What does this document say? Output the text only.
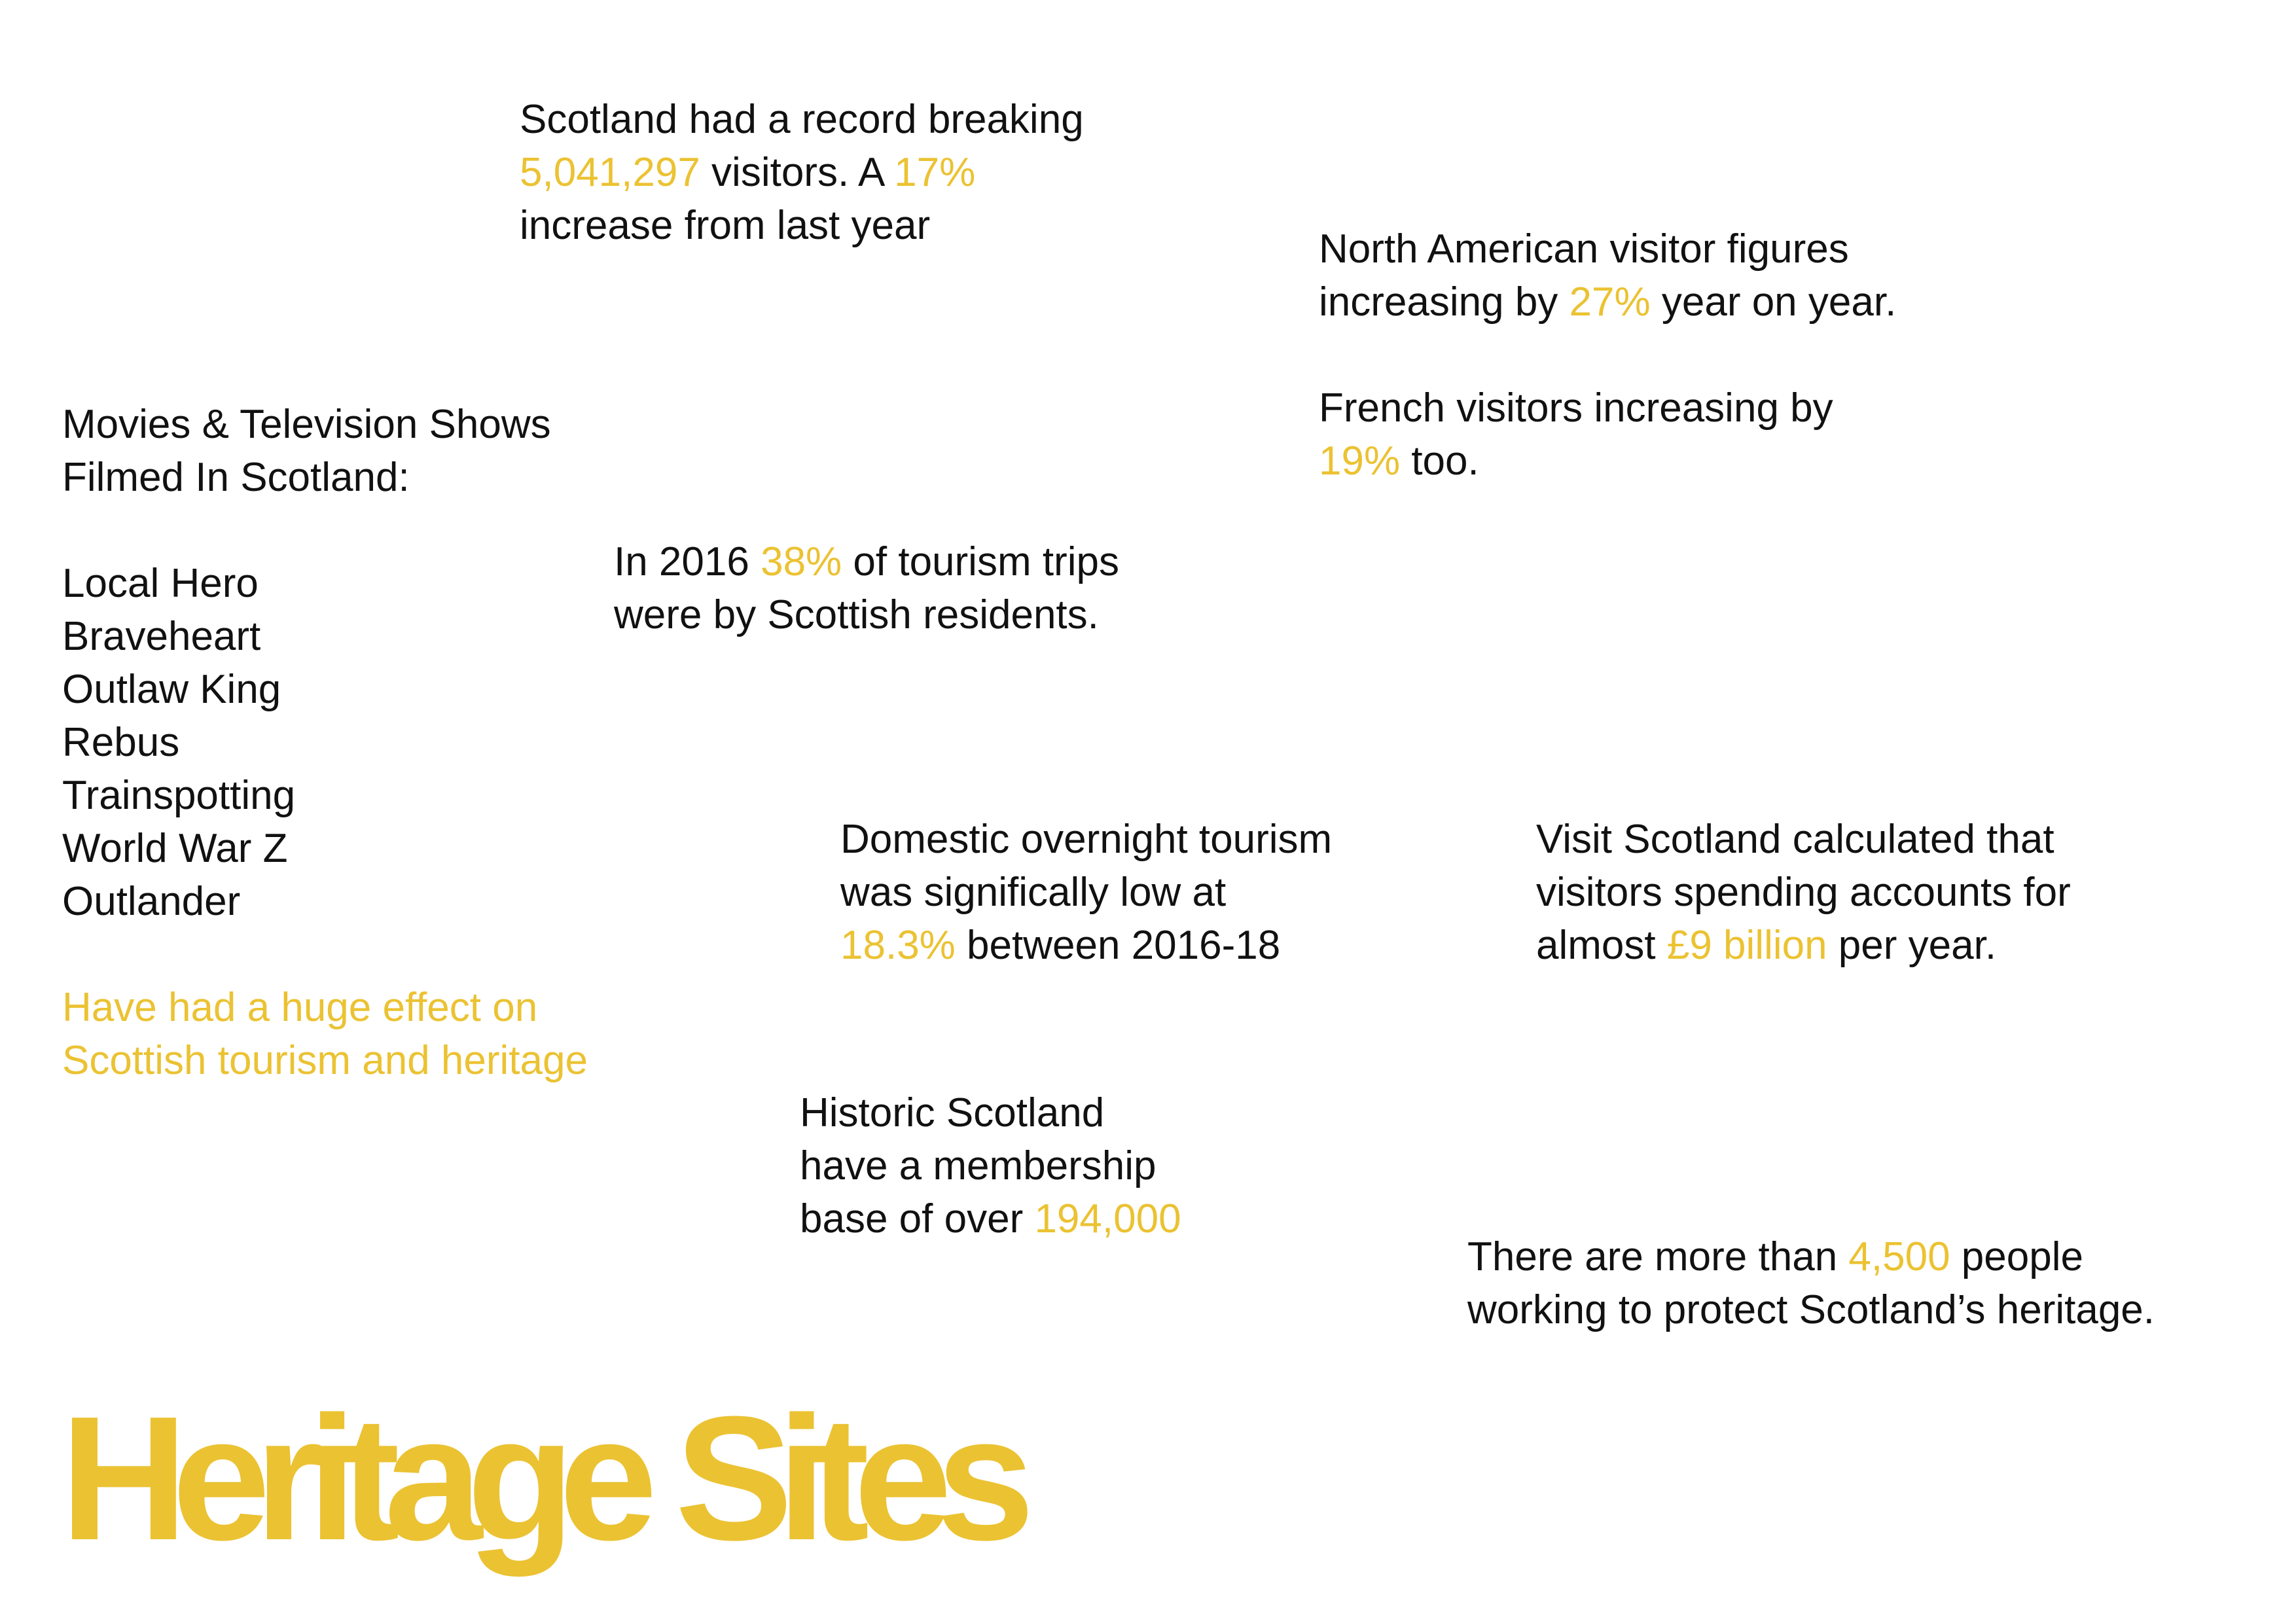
Scotland had a record breaking
5,041,297 visitors. A 17%
increase from last year
North American visitor figures
increasing by 27% year on year.
French visitors increasing by
19% too.
Movies & Television Shows
Filmed In Scotland:
Local Hero
Braveheart
Outlaw King
Rebus
Trainspotting
World War Z
Outlander
Have had a huge effect on
Scottish tourism and heritage
In 2016 38% of tourism trips
were by Scottish residents.
Domestic overnight tourism
was significally low at
18.3% between 2016-18
Visit Scotland calculated that
visitors spending accounts for
almost £9 billion per year.
Historic Scotland
have a membership
base of over 194,000
There are more than 4,500 people
working to protect Scotland’s heritage.
Heritage Sites
